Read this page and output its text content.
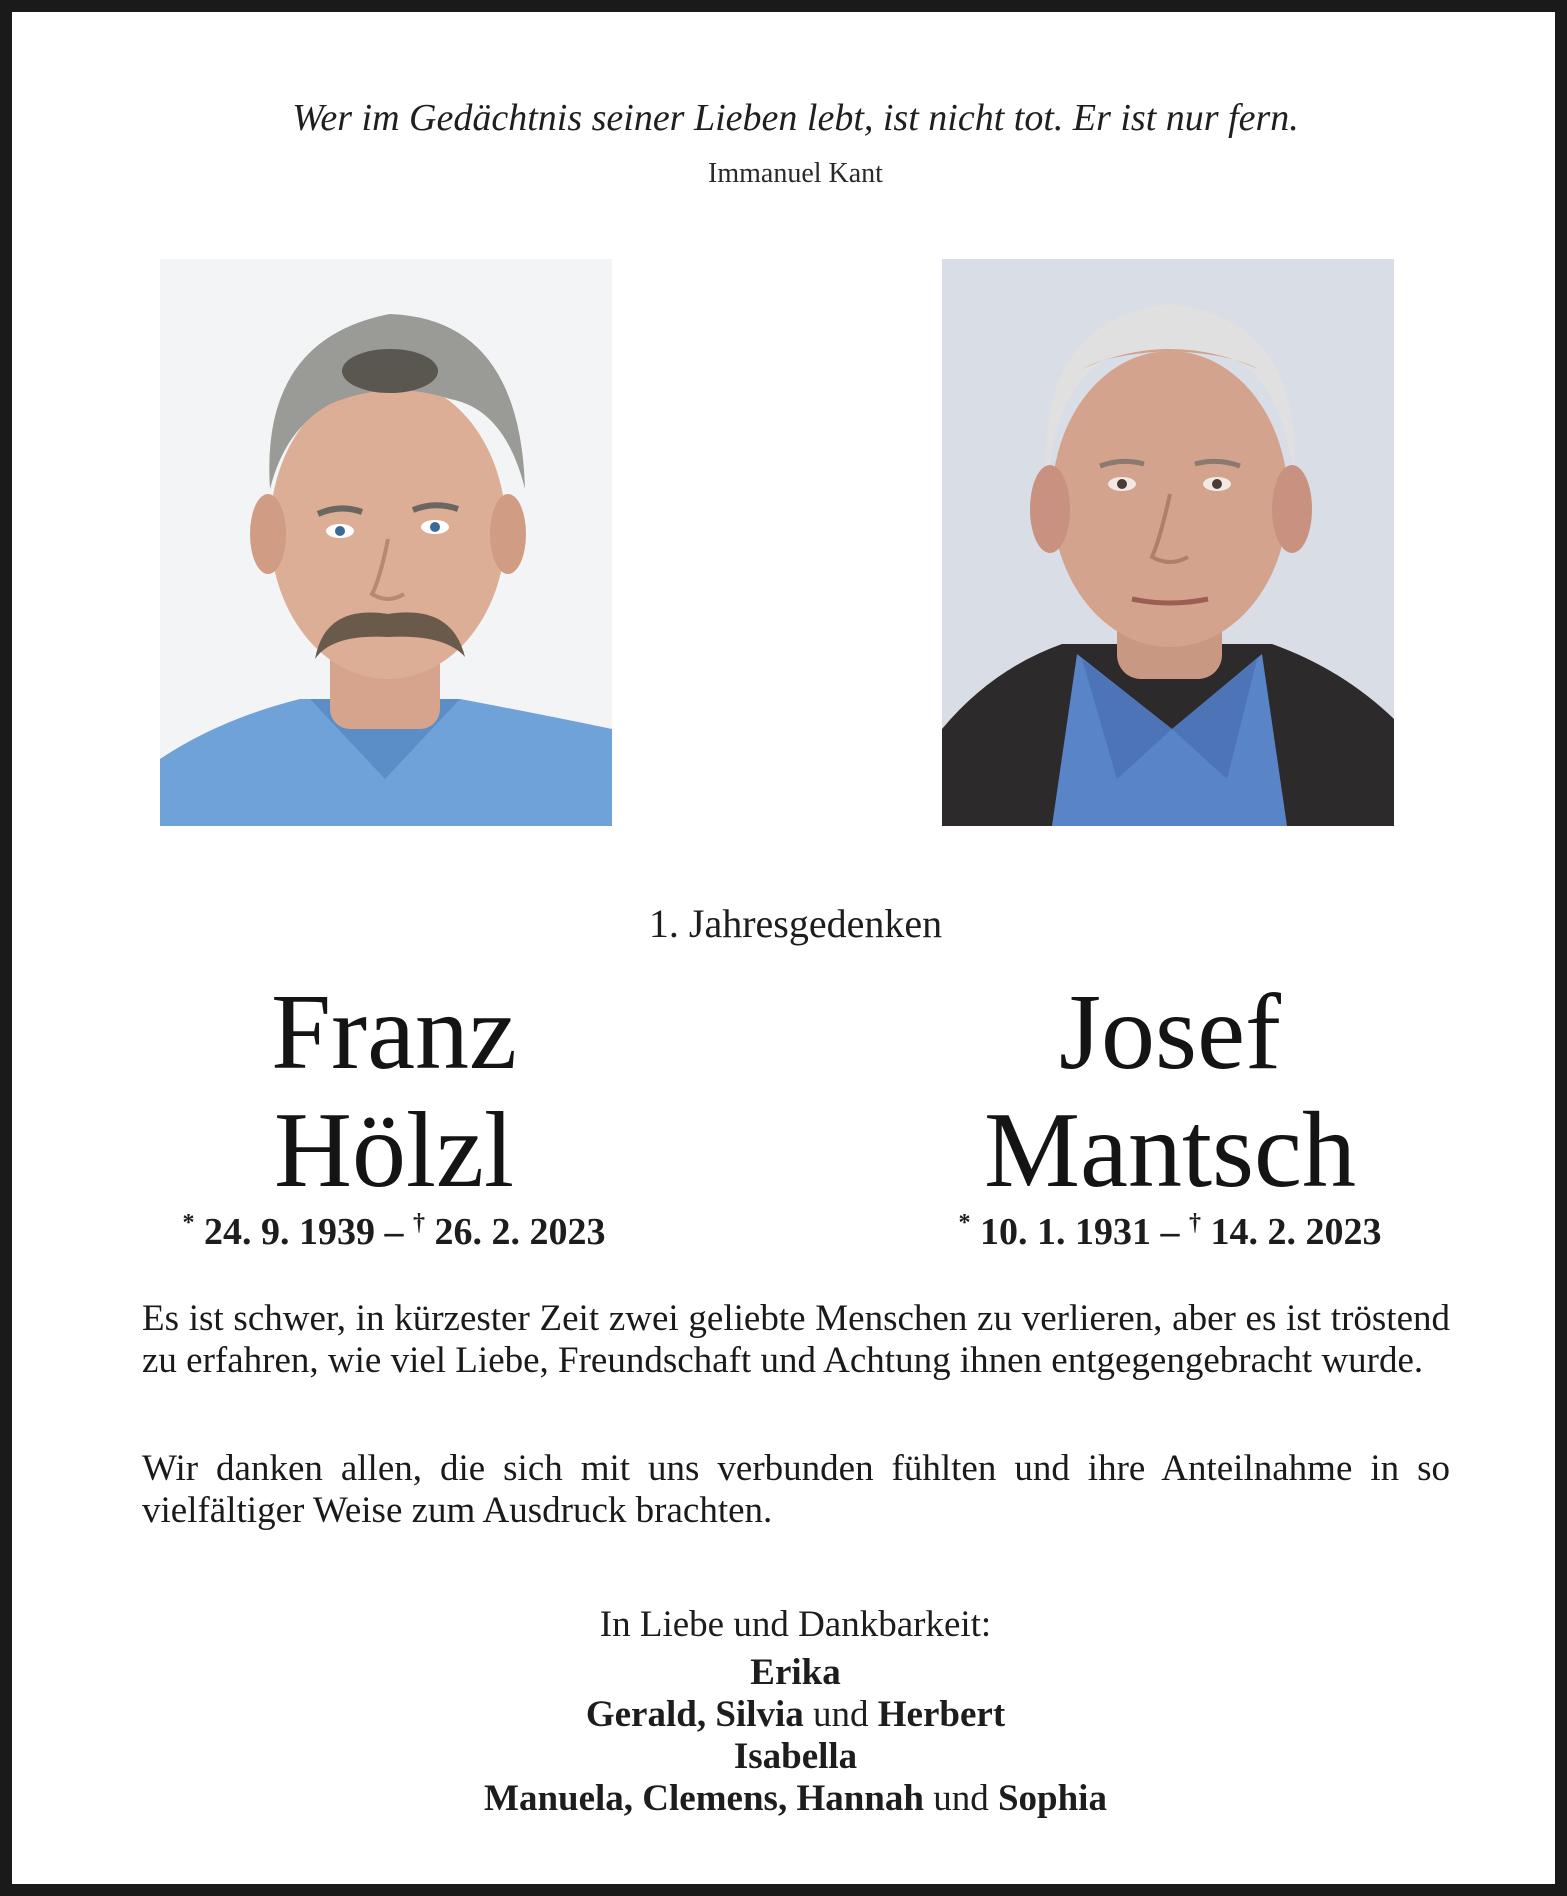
Wer im Gedächtnis seiner Lieben lebt, ist nicht tot. Er ist nur fern.
Immanuel Kant
1. Jahresgedenken
Franz
Hölzl
Josef
Mantsch
* 24. 9. 1939 – † 26. 2. 2023	* 10. 1. 1931 – † 14. 2. 2023
Es ist schwer, in kürzester Zeit zwei geliebte Menschen zu verlieren, aber es ist tröstend zu erfahren, wie viel Liebe, Freundschaft und Achtung ihnen entgegengebracht wurde.
Wir danken allen, die sich mit uns verbunden fühlten und ihre Anteilnahme in so vielfältiger Weise zum Ausdruck brachten.
In Liebe und Dankbarkeit:
Erika
Gerald, Silvia und Herbert
Isabella
Manuela, Clemens, Hannah und Sophia
